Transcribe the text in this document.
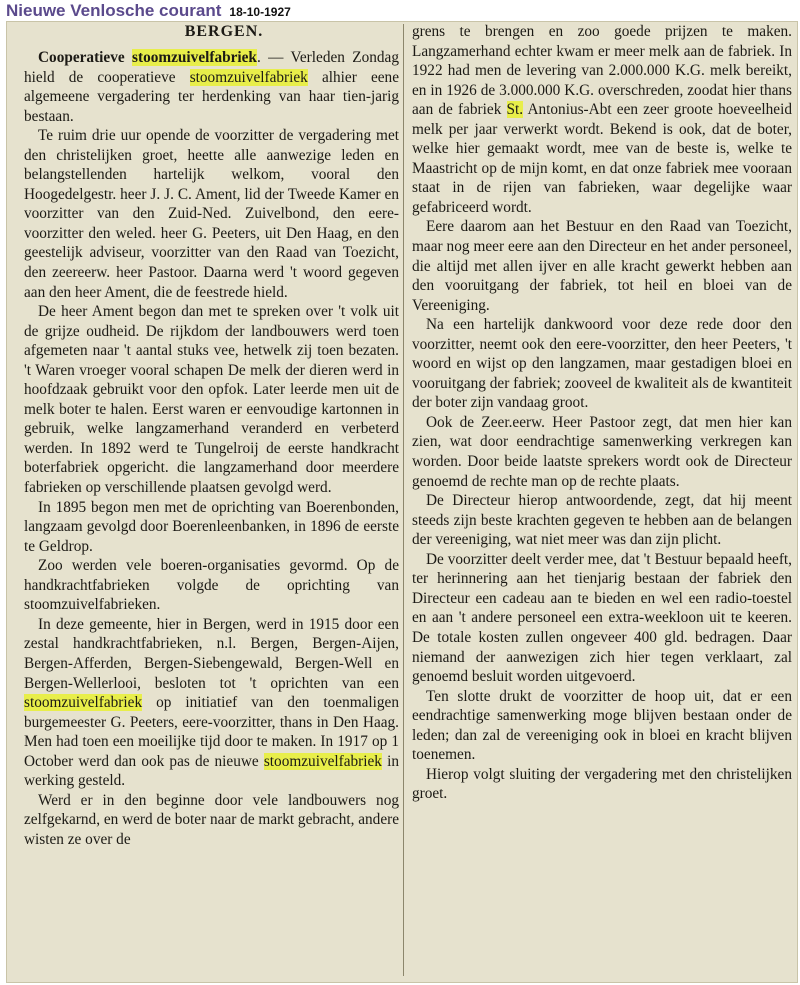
Nieuwe Venlosche courant 18-10-1927
BERGEN.

Cooperatieve stoomzuivelfabriek. — Verleden Zondag hield de cooperatieve stoomzuivelfabriek alhier eene algemeene vergadering ter herdenking van haar tien-jarig bestaan.

Te ruim drie uur opende de voorzitter de vergadering met den christelijken groet, heette alle aanwezige leden en belangstellenden hartelijk welkom, vooral den Hoogedelgestr. heer J. J. C. Ament, lid der Tweede Kamer en voorzitter van den Zuid-Ned. Zuivelbond, den eere-voorzitter den weled. heer G. Peeters, uit Den Haag, en den geestelijk adviseur, voorzitter van den Raad van Toezicht, den zeereerw. heer Pastoor. Daarna werd 't woord gegeven aan den heer Ament, die de feestrede hield.

De heer Ament begon dan met te spreken over 't volk uit de grijze oudheid. De rijkdom der landbouwers werd toen afgemeten naar 't aantal stuks vee, hetwelk zij toen bezaten. 't Waren vroeger vooral schapen De melk der dieren werd in hoofdzaak gebruikt voor den opfok. Later leerde men uit de melk boter te halen. Eerst waren er eenvoudige kartonnen in gebruik, welke langzamerhand veranderd en verbeterd werden. In 1892 werd te Tungelroij de eerste handkracht boterfabriek opgericht. die langzamerhand door meerdere fabrieken op verschillende plaatsen gevolgd werd.

In 1895 begon men met de oprichting van Boerenbonden, langzaam gevolgd door Boerenleenbanken, in 1896 de eerste te Geldrop.

Zoo werden vele boeren-organisaties gevormd. Op de handkrachtfabrieken volgde de oprichting van stoomzuivelfabrieken.

In deze gemeente, hier in Bergen, werd in 1915 door een zestal handkrachtfabrieken, n.l. Bergen, Bergen-Aijen, Bergen-Afferden, Bergen-Siebengewald, Bergen-Well en Bergen-Wellerlooi, besloten tot 't oprichten van een stoomzuivelfabriek op initiatief van den toenmaligen burgemeester G. Peeters, eere-voorzitter, thans in Den Haag. Men had toen een moeilijke tijd door te maken. In 1917 op 1 October werd dan ook pas de nieuwe stoomzuivelfabriek in werking gesteld.

Werd er in den beginne door vele landbouwers nog zelfgekarnd, en werd de boter naar de markt gebracht, andere wisten ze over de

grens te brengen en zoo goede prijzen te maken. Langzamerhand echter kwam er meer melk aan de fabriek. In 1922 had men de levering van 2.000.000 K.G. melk bereikt, en in 1926 de 3.000.000 K.G. overschreden, zoodat hier thans aan de fabriek St. Antonius-Abt een zeer groote hoeveelheid melk per jaar verwerkt wordt. Bekend is ook, dat de boter, welke hier gemaakt wordt, mee van de beste is, welke te Maastricht op de mijn komt, en dat onze fabriek mee vooraan staat in de rijen van fabrieken, waar degelijke waar gefabriceerd wordt.

Eere daarom aan het Bestuur en den Raad van Toezicht, maar nog meer eere aan den Directeur en het ander personeel, die altijd met allen ijver en alle kracht gewerkt hebben aan den vooruitgang der fabriek, tot heil en bloei van de Vereeniging.

Na een hartelijk dankwoord voor deze rede door den voorzitter, neemt ook den eere-voorzitter, den heer Peeters, 't woord en wijst op den langzamen, maar gestadigen bloei en vooruitgang der fabriek; zooveel de kwaliteit als de kwantiteit der boter zijn vandaag groot.

Ook de Zeer.eerw. Heer Pastoor zegt, dat men hier kan zien, wat door eendrachtige samenwerking verkregen kan worden. Door beide laatste sprekers wordt ook de Directeur genoemd de rechte man op de rechte plaats.

De Directeur hierop antwoordende, zegt, dat hij meent steeds zijn beste krachten gegeven te hebben aan de belangen der vereeniging, wat niet meer was dan zijn plicht.

De voorzitter deelt verder mee, dat 't Bestuur bepaald heeft, ter herinnering aan het tienjarig bestaan der fabriek den Directeur een cadeau aan te bieden en wel een radio-toestel en aan 't andere personeel een extra-weekloon uit te keeren. De totale kosten zullen ongeveer 400 gld. bedragen. Daar niemand der aanwezigen zich hier tegen verklaart, zal genoemd besluit worden uitgevoerd.

Ten slotte drukt de voorzitter de hoop uit, dat er een eendrachtige samenwerking moge blijven bestaan onder de leden; dan zal de vereeniging ook in bloei en kracht blijven toenemen.

Hierop volgt sluiting der vergadering met den christelijken groet.
